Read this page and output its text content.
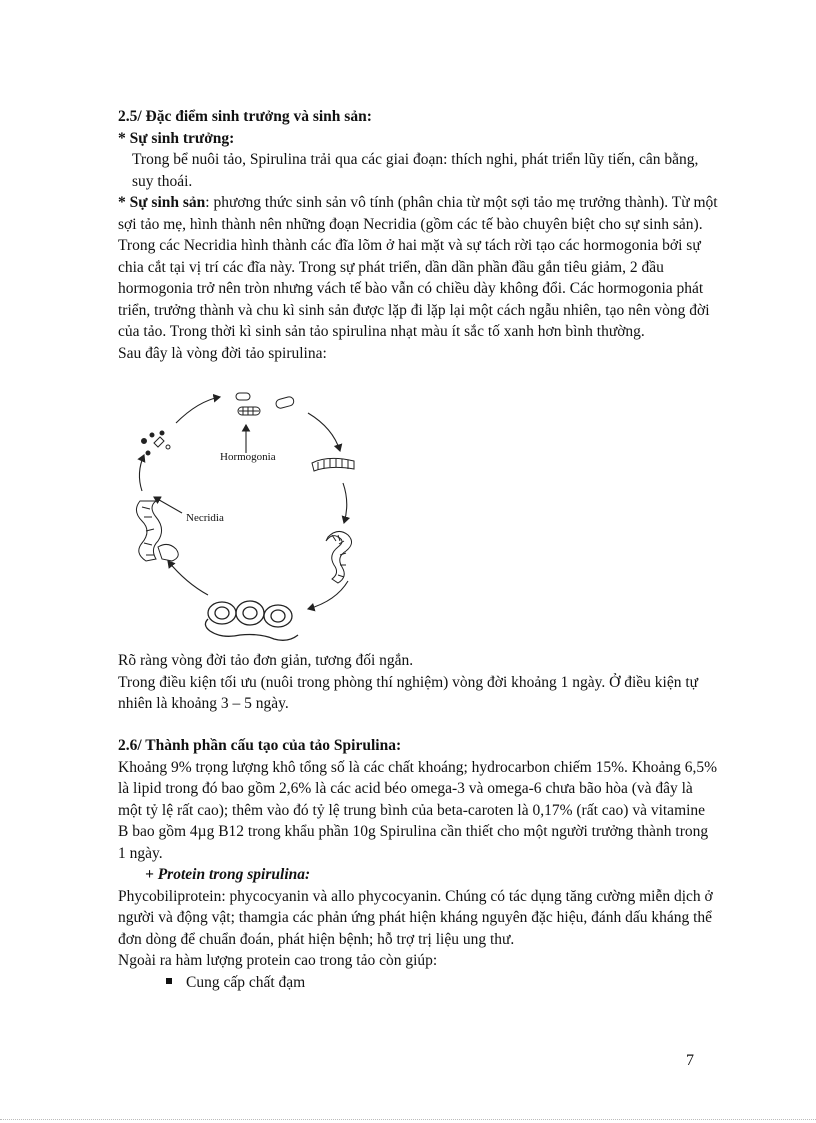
2.5/ Đặc điểm sinh trưởng và sinh sản:

* Sự sinh trưởng:

Trong bể nuôi tảo, Spirulina trải qua các giai đoạn: thích nghi, phát triển lũy tiến, cân bằng, suy thoái.

* Sự sinh sản: phương thức sinh sản vô tính (phân chia từ một sợi tảo mẹ trưởng thành). Từ một sợi tảo mẹ, hình thành nên những đoạn Necridia (gồm các tế bào chuyên biệt cho sự sinh sản). Trong các Necridia hình thành các đĩa lõm ở hai mặt và sự tách rời tạo các hormogonia bởi sự chia cắt tại vị trí các đĩa này. Trong sự phát triển, dần dần phần đầu gắn tiêu giảm, 2 đầu hormogonia trở nên tròn nhưng vách tế bào vẫn có chiều dày không đổi. Các hormogonia phát triển, trưởng thành và chu kì sinh sản được lặp đi lặp lại một cách ngẫu nhiên, tạo nên vòng đời của tảo. Trong thời kì sinh sản tảo spirulina nhạt màu ít sắc tố xanh hơn bình thường.

Sau đây là vòng đời tảo spirulina:

Hormogonia
Necridia

Rõ ràng vòng đời tảo đơn giản, tương đối ngắn.

Trong điều kiện tối ưu (nuôi trong phòng thí nghiệm) vòng đời khoảng 1 ngày. Ở điều kiện tự nhiên là khoảng 3 – 5 ngày.

2.6/ Thành phần cấu tạo của tảo Spirulina:

Khoảng 9% trọng lượng khô tổng số là các chất khoáng; hydrocarbon chiếm 15%. Khoảng 6,5% là lipid trong đó bao gồm 2,6% là các acid béo omega-3 và omega-6 chưa bão hòa (và đây là một tỷ lệ rất cao); thêm vào đó tỷ lệ trung bình của beta-caroten là 0,17% (rất cao) và vitamine B bao gồm 4µg B12 trong khẩu phần 10g Spirulina cần thiết cho một người trưởng thành trong 1 ngày.

+ Protein trong spirulina:

Phycobiliprotein: phycocyanin và allo phycocyanin. Chúng có tác dụng tăng cường miễn dịch ở người và động vật; thamgia các phản ứng phát hiện kháng nguyên đặc hiệu, đánh dấu kháng thể đơn dòng để chuẩn đoán, phát hiện bệnh; hỗ trợ trị liệu ung thư.

Ngoài ra hàm lượng protein cao trong tảo còn giúp:

Cung cấp chất đạm

7
